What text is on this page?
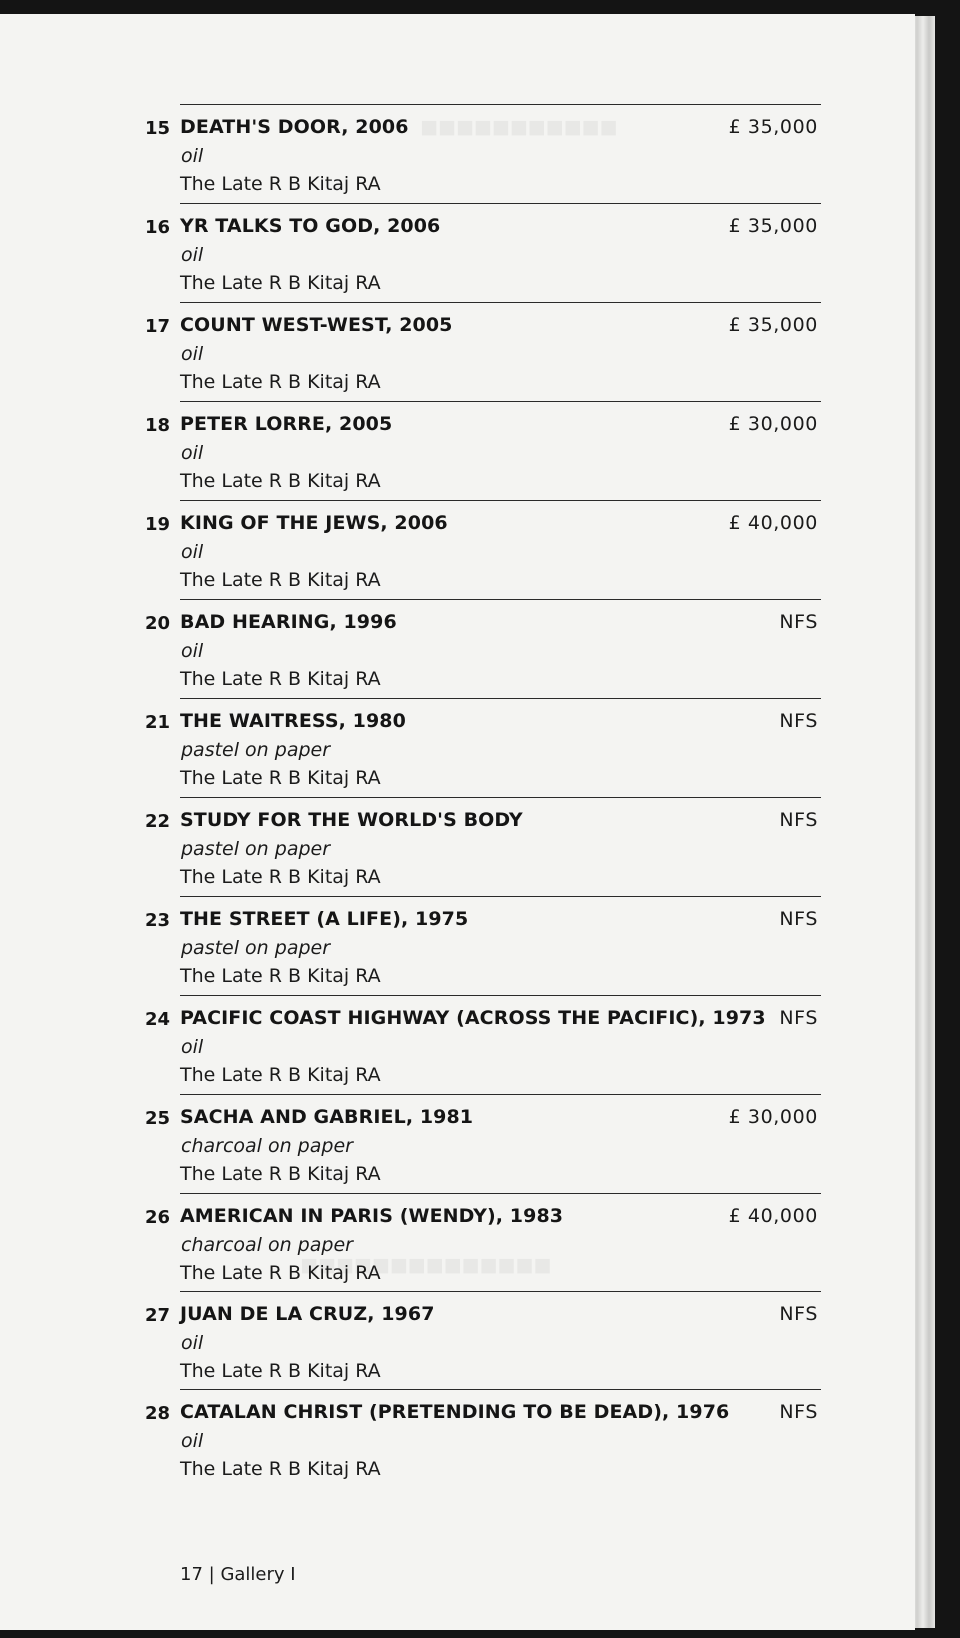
15 DEATH'S DOOR, 2006
oil
The Late R B Kitaj RA
£ 35,000
16 YR TALKS TO GOD, 2006
oil
The Late R B Kitaj RA
£ 35,000
17 COUNT WEST-WEST, 2005
oil
The Late R B Kitaj RA
£ 35,000
18 PETER LORRE, 2005
oil
The Late R B Kitaj RA
£ 30,000
19 KING OF THE JEWS, 2006
oil
The Late R B Kitaj RA
£ 40,000
20 BAD HEARING, 1996
oil
The Late R B Kitaj RA
NFS
21 THE WAITRESS, 1980
pastel on paper
The Late R B Kitaj RA
NFS
22 STUDY FOR THE WORLD'S BODY
pastel on paper
The Late R B Kitaj RA
NFS
23 THE STREET (A LIFE), 1975
pastel on paper
The Late R B Kitaj RA
NFS
24 PACIFIC COAST HIGHWAY (ACROSS THE PACIFIC), 1973
oil
The Late R B Kitaj RA
NFS
25 SACHA AND GABRIEL, 1981
charcoal on paper
The Late R B Kitaj RA
£ 30,000
26 AMERICAN IN PARIS (WENDY), 1983
charcoal on paper
The Late R B Kitaj RA
£ 40,000
27 JUAN DE LA CRUZ, 1967
oil
The Late R B Kitaj RA
NFS
28 CATALAN CHRIST (PRETENDING TO BE DEAD), 1976
oil
The Late R B Kitaj RA
NFS
17 | Gallery I
